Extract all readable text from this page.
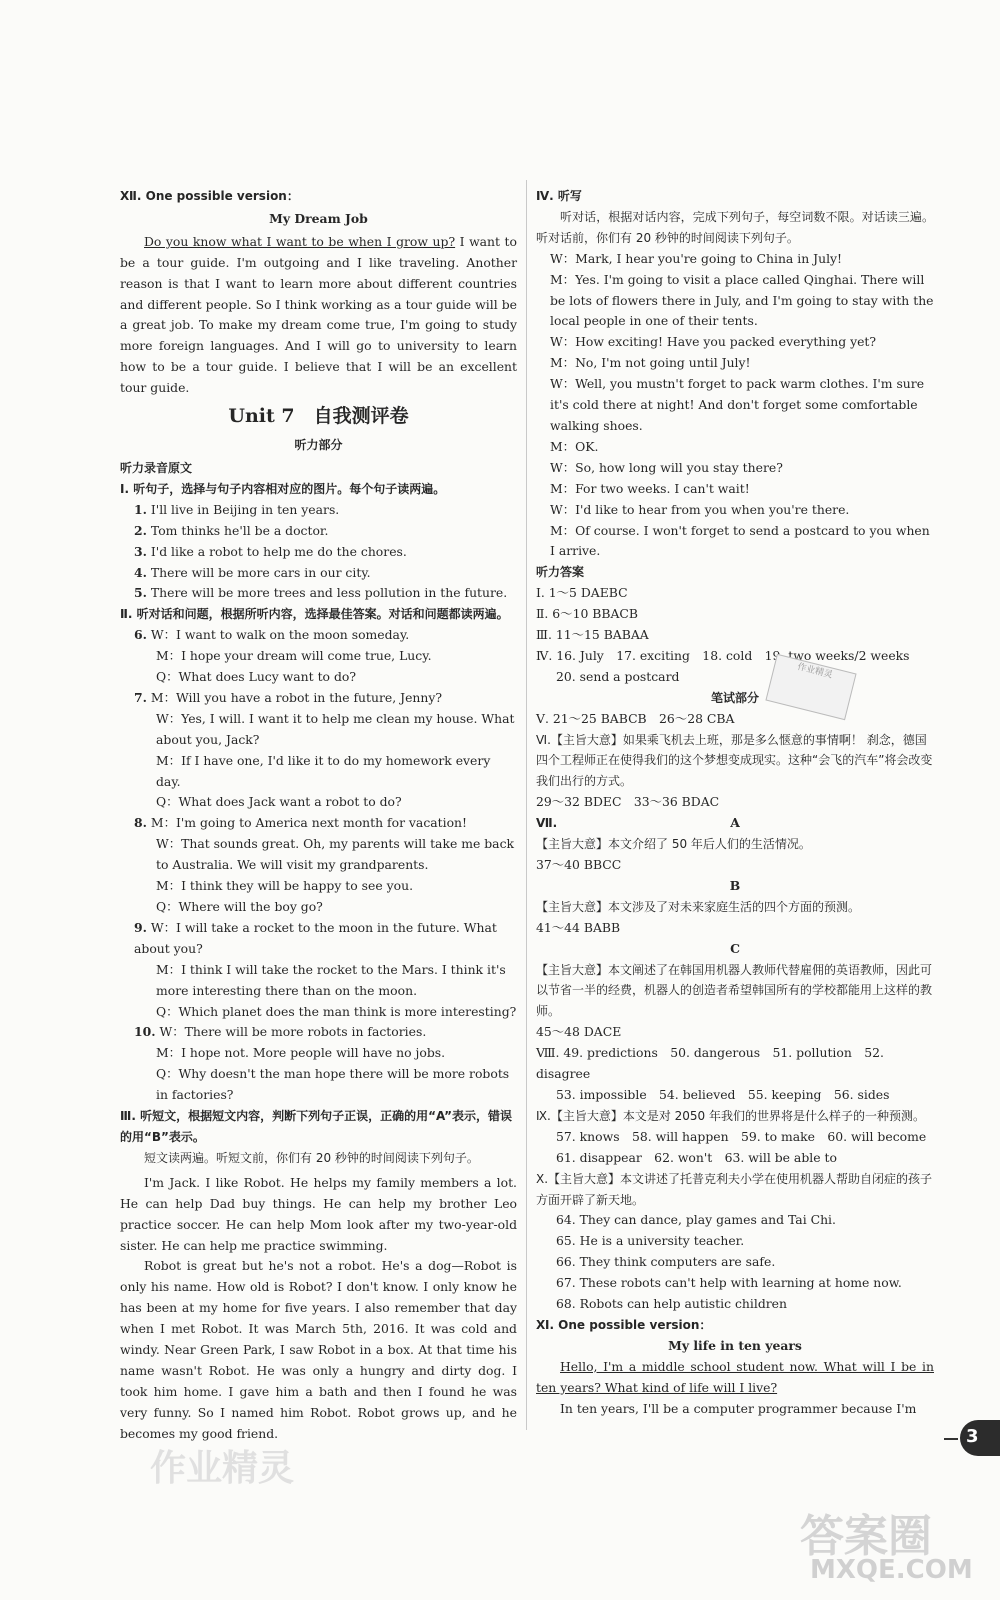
Ⅻ. One possible version：
My Dream Job
Do you know what I want to be when I grow up? I want to be a tour guide. I'm outgoing and I like traveling. Another reason is that I want to learn more about different countries and different people. So I think working as a tour guide will be a great job. To make my dream come true, I'm going to study more foreign languages. And I will go to university to learn how to be a tour guide. I believe that I will be an excellent tour guide.
Unit 7　自我测评卷
听力部分
听力录音原文
Ⅰ. 听句子，选择与句子内容相对应的图片。每个句子读两遍。
1. I'll live in Beijing in ten years.
2. Tom thinks he'll be a doctor.
3. I'd like a robot to help me do the chores.
4. There will be more cars in our city.
5. There will be more trees and less pollution in the future.
Ⅱ. 听对话和问题，根据所听内容，选择最佳答案。对话和问题都读两遍。
6. W：I want to walk on the moon someday.
M：I hope your dream will come true, Lucy.
Q：What does Lucy want to do?
7. M：Will you have a robot in the future, Jenny?
W：Yes, I will. I want it to help me clean my house. What about you, Jack?
M：If I have one, I'd like it to do my homework every day.
Q：What does Jack want a robot to do?
8. M：I'm going to America next month for vacation!
W：That sounds great. Oh, my parents will take me back to Australia. We will visit my grandparents.
M：I think they will be happy to see you.
Q：Where will the boy go?
9. W：I will take a rocket to the moon in the future. What about you?
M：I think I will take the rocket to the Mars. I think it's more interesting there than on the moon.
Q：Which planet does the man think is more interesting?
10. W：There will be more robots in factories.
M：I hope not. More people will have no jobs.
Q：Why doesn't the man hope there will be more robots in factories?
Ⅲ. 听短文，根据短文内容，判断下列句子正误，正确的用“A”表示，错误的用“B”表示。
短文读两遍。听短文前，你们有 20 秒钟的时间阅读下列句子。
I'm Jack. I like Robot. He helps my family members a lot. He can help Dad buy things. He can help my brother Leo practice soccer. He can help Mom look after my two-year-old sister. He can help me practice swimming.
Robot is great but he's not a robot. He's a dog—Robot is only his name. How old is Robot? I don't know. I only know he has been at my home for five years. I also remember that day when I met Robot. It was March 5th, 2016. It was cold and windy. Near Green Park, I saw Robot in a box. At that time his name wasn't Robot. He was only a hungry and dirty dog. I took him home. I gave him a bath and then I found he was very funny. So I named him Robot. Robot grows up, and he becomes my good friend.
Ⅳ. 听写
听对话，根据对话内容，完成下列句子，每空词数不限。对话读三遍。听对话前，你们有 20 秒钟的时间阅读下列句子。
W：Mark, I hear you're going to China in July!
M：Yes. I'm going to visit a place called Qinghai. There will be lots of flowers there in July, and I'm going to stay with the local people in one of their tents.
W：How exciting! Have you packed everything yet?
M：No, I'm not going until July!
W：Well, you mustn't forget to pack warm clothes. I'm sure it's cold there at night! And don't forget some comfortable walking shoes.
M：OK.
W：So, how long will you stay there?
M：For two weeks. I can't wait!
W：I'd like to hear from you when you're there.
M：Of course. I won't forget to send a postcard to you when I arrive.
听力答案
Ⅰ. 1～5 DAEBC
Ⅱ. 6～10 BBACB
Ⅲ. 11～15 BABAA
Ⅳ. 16. July　17. exciting　18. cold　19. two weeks/2 weeks
20. send a postcard
笔试部分
Ⅴ. 21～25 BABCB　26～28 CBA
Ⅵ.【主旨大意】如果乘飞机去上班，那是多么惬意的事情啊！ 刹念，德国四个工程师正在使得我们的这个梦想变成现实。这种“会飞的汽车”将会改变我们出行的方式。
29～32 BDEC　33～36 BDAC
Ⅶ.	A
【主旨大意】本文介绍了 50 年后人们的生活情况。
37～40 BBCC
B
【主旨大意】本文涉及了对未来家庭生活的四个方面的预测。
41～44 BABB
C
【主旨大意】本文阐述了在韩国用机器人教师代替雇佣的英语教师，因此可以节省一半的经费，机器人的创造者希望韩国所有的学校都能用上这样的教师。
45～48 DACE
Ⅷ. 49. predictions　50. dangerous　51. pollution　52. disagree
53. impossible　54. believed　55. keeping　56. sides
Ⅸ.【主旨大意】本文是对 2050 年我们的世界将是什么样子的一种预测。
57. knows　58. will happen　59. to make　60. will become
61. disappear　62. won't　63. will be able to
Ⅹ.【主旨大意】本文讲述了托普克利夫小学在使用机器人帮助自闭症的孩子方面开辟了新天地。
64. They can dance, play games and Tai Chi.
65. He is a university teacher.
66. They think computers are safe.
67. These robots can't help with learning at home now.
68. Robots can help autistic children
Ⅺ. One possible version：
My life in ten years
Hello, I'm a middle school student now. What will I be in ten years? What kind of life will I live?
In ten years, I'll be a computer programmer because I'm
作业精灵
3
作业精灵
答案圈
MXQE.COM
